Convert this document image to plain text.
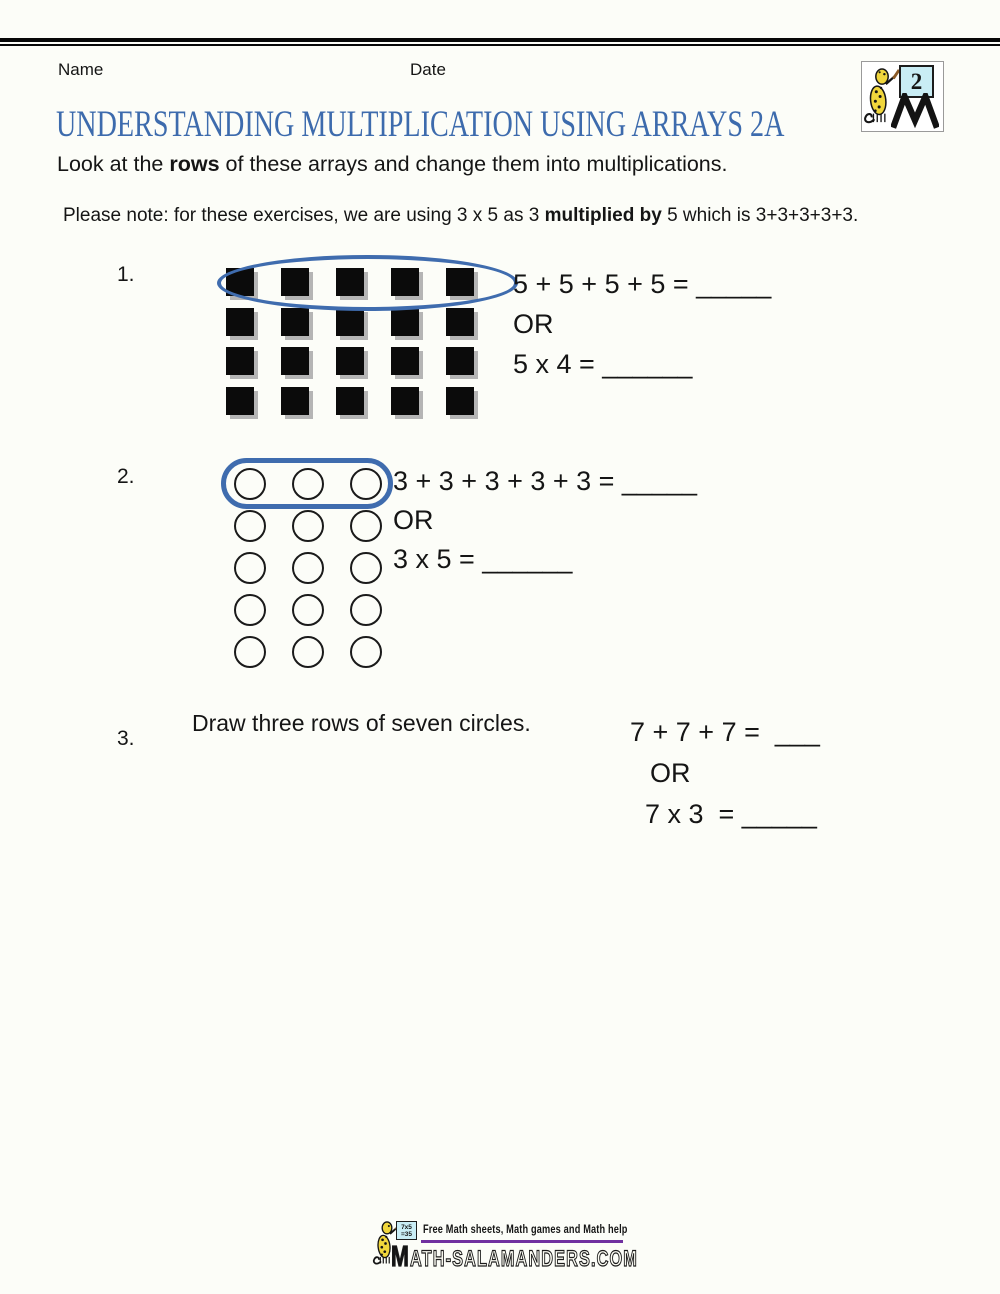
Name	Date	2
UNDERSTANDING MULTIPLICATION USING ARRAYS 2A

Look at the rows of these arrays and change them into multiplications.

Please note: for these exercises, we are using 3 x 5 as 3 multiplied by 5 which is 3+3+3+3+3.

1.	5 + 5 + 5 + 5 = _____
OR
5 x 4 = ______
2.	3 + 3 + 3 + 3 + 3 = _____
OR
3 x 5 = ______
3.

Draw three rows of seven circles.	7 + 7 + 7 =  ___
OR
7 x 3  = _____
7x5
=35 Free Math sheets, Math games and Math help
MATH-SALAMANDERS.COM
